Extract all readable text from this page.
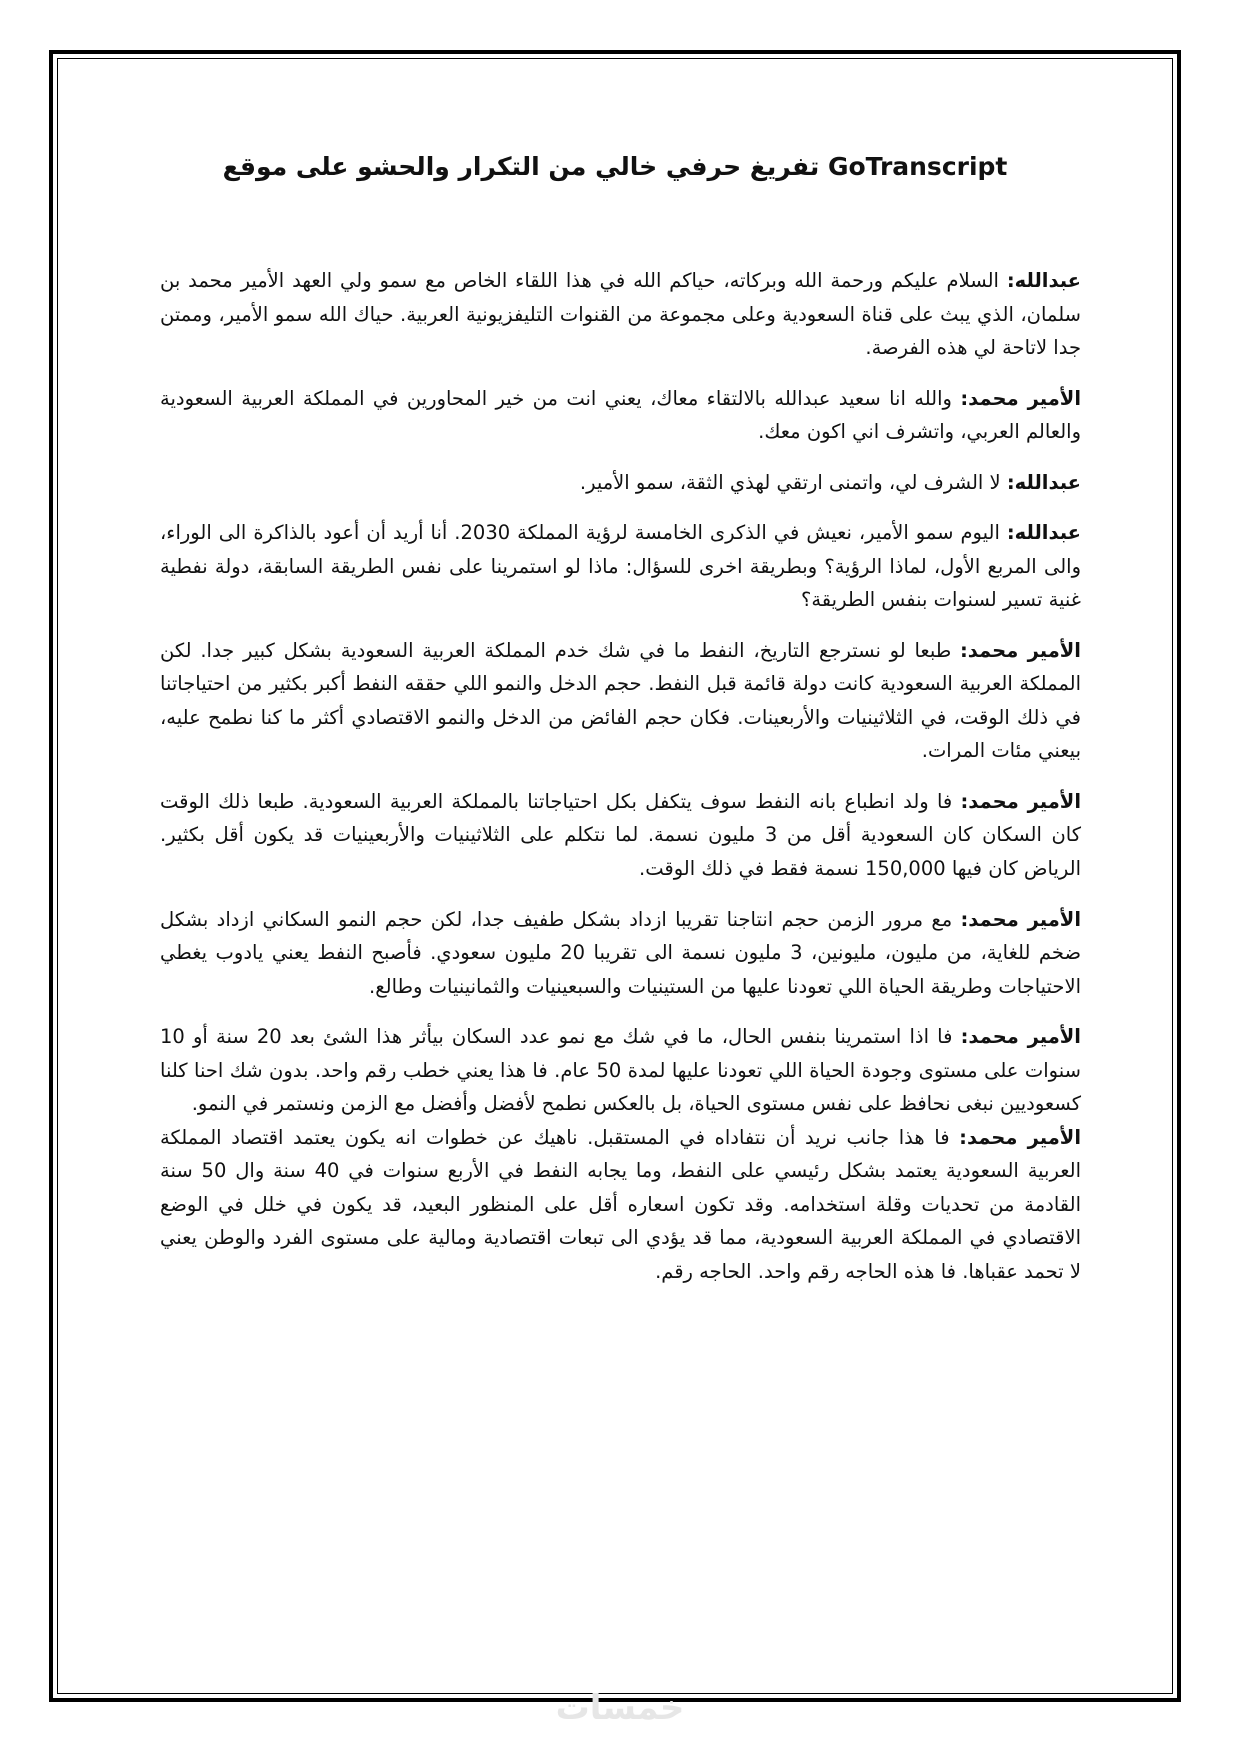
تفريغ حرفي خالي من التكرار والحشو على موقع GoTranscript

عبدالله: السلام عليكم ورحمة الله وبركاته، حياكم الله في هذا اللقاء الخاص مع سمو ولي العهد الأمير محمد بن سلمان، الذي يبث على قناة السعودية وعلى مجموعة من القنوات التليفزيونية العربية. حياك الله سمو الأمير، وممتن جدا لاتاحة لي هذه الفرصة.

الأمير محمد: والله انا سعيد عبدالله بالالتقاء معاك، يعني انت من خير المحاورين في المملكة العربية السعودية والعالم العربي، واتشرف اني اكون معك.

عبدالله: لا الشرف لي، واتمنى ارتقي لهذي الثقة، سمو الأمير.

عبدالله: اليوم سمو الأمير، نعيش في الذكرى الخامسة لرؤية المملكة 2030. أنا أريد أن أعود بالذاكرة الى الوراء، والى المربع الأول، لماذا الرؤية؟ وبطريقة اخرى للسؤال: ماذا لو استمرينا على نفس الطريقة السابقة، دولة نفطية غنية تسير لسنوات بنفس الطريقة؟

الأمير محمد: طبعا لو نسترجع التاريخ، النفط ما في شك خدم المملكة العربية السعودية بشكل كبير جدا. لكن المملكة العربية السعودية كانت دولة قائمة قبل النفط. حجم الدخل والنمو اللي حققه النفط أكبر بكثير من احتياجاتنا في ذلك الوقت، في الثلاثينيات والأربعينات. فكان حجم الفائض من الدخل والنمو الاقتصادي أكثر ما كنا نطمح عليه، بيعني مئات المرات.

الأمير محمد: فا ولد انطباع بانه النفط سوف يتكفل بكل احتياجاتنا بالمملكة العربية السعودية. طبعا ذلك الوقت كان السكان كان السعودية أقل من 3 مليون نسمة. لما نتكلم على الثلاثينيات والأربعينيات قد يكون أقل بكثير. الرياض كان فيها 150,000 نسمة فقط في ذلك الوقت.

الأمير محمد: مع مرور الزمن حجم انتاجنا تقريبا ازداد بشكل طفيف جدا، لكن حجم النمو السكاني ازداد بشكل ضخم للغاية، من مليون، مليونين، 3 مليون نسمة الى تقريبا 20 مليون سعودي. فأصبح النفط يعني يادوب يغطي الاحتياجات وطريقة الحياة اللي تعودنا عليها من الستينيات والسبعينيات والثمانينيات وطالع.

الأمير محمد: فا اذا استمرينا بنفس الحال، ما في شك مع نمو عدد السكان بيأثر هذا الشئ بعد 20 سنة أو 10 سنوات على مستوى وجودة الحياة اللي تعودنا عليها لمدة 50 عام. فا هذا يعني خطب رقم واحد. بدون شك احنا كلنا كسعوديين نبغى نحافظ على نفس مستوى الحياة، بل بالعكس نطمح لأفضل وأفضل مع الزمن ونستمر في النمو.

الأمير محمد: فا هذا جانب نريد أن نتفاداه في المستقبل. ناهيك عن خطوات انه يكون يعتمد اقتصاد المملكة العربية السعودية يعتمد بشكل رئيسي على النفط، وما يجابه النفط في الأربع سنوات في 40 سنة وال 50 سنة القادمة من تحديات وقلة استخدامه. وقد تكون اسعاره أقل على المنظور البعيد، قد يكون في خلل في الوضع الاقتصادي في المملكة العربية السعودية، مما قد يؤدي الى تبعات اقتصادية ومالية على مستوى الفرد والوطن يعني لا تحمد عقباها. فا هذه الحاجه رقم واحد. الحاجه رقم.

خمسات
